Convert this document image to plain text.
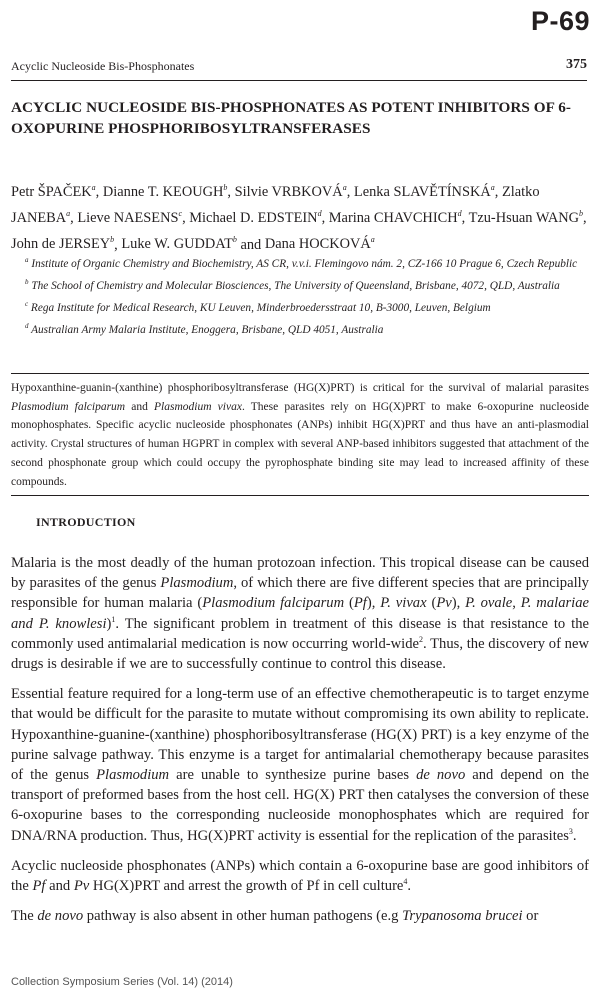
P-69
Acyclic Nucleoside Bis-Phosphonates	375
ACYCLIC NUCLEOSIDE BIS-PHOSPHONATES AS POTENT INHIBITORS OF 6-OXOPURINE PHOSPHORIBOSYLTRANSFERASES

Petr ŠPAČEK$^a$, Dianne T. KEOUGH$^b$, Silvie VRBKOVÁ$^a$, Lenka SLAVĚTÍNSKÁ$^a$, Zlatko JANEBA$^a$, Lieve NAESENS$^c$, Michael D. EDSTEIN$^d$, Marina CHAVCHICH$^d$, Tzu-Hsuan WANG$^b$, John de JERSEY$^b$, Luke W. GUDDAT$^b$ and Dana HOCKOVÁ$^a$

$^a$ Institute of Organic Chemistry and Biochemistry, AS CR, v.v.i. Flemingovo nám. 2, CZ-166 10 Prague 6, Czech Republic
$^b$ The School of Chemistry and Molecular Biosciences, The University of Queensland, Brisbane, 4072, QLD, Australia
$^c$ Rega Institute for Medical Research, KU Leuven, Minderbroedersstraat 10, B-3000, Leuven, Belgium
$^d$ Australian Army Malaria Institute, Enoggera, Brisbane, QLD 4051, Australia

Hypoxanthine-guanin-(xanthine) phosphoribosyltransferase (HG(X)PRT) is critical for the survival of malarial parasites Plasmodium falciparum and Plasmodium vivax. These parasites rely on HG(X)PRT to make 6-oxopurine nucleoside monophosphates. Specific acyclic nucleoside phosphonates (ANPs) inhibit HG(X)PRT and thus have an anti-plasmodial activity. Crystal structures of human HGPRT in complex with several ANP-based inhibitors suggested that attachment of the second phosphonate group which could occupy the pyrophosphate binding site may lead to increased affinity of these compounds.

INTRODUCTION

Malaria is the most deadly of the human protozoan infection. This tropical disease can be caused by parasites of the genus Plasmodium, of which there are five different species that are principally responsible for human malaria (Plasmodium falciparum (Pf), P. vivax (Pv), P. ovale, P. malariae and P. knowlesi)$^1$. The significant problem in treatment of this disease is that resistance to the commonly used antimalarial medication is now occurring world-wide$^2$. Thus, the discovery of new drugs is desirable if we are to successfully continue to control this disease.

Essential feature required for a long-term use of an effective chemotherapeutic is to target enzyme that would be difficult for the parasite to mutate without compromising its own ability to replicate. Hypoxanthine-guanine-(xanthine) phosphoribosyltransferase (HG(X) PRT) is a key enzyme of the purine salvage pathway. This enzyme is a target for antimalarial chemotherapy because parasites of the genus Plasmodium are unable to synthesize purine bases de novo and depend on the transport of preformed bases from the host cell. HG(X) PRT then catalyses the conversion of these 6-oxopurine bases to the corresponding nucleoside monophosphates which are required for DNA/RNA production. Thus, HG(X)PRT activity is essential for the replication of the parasites$^3$.

Acyclic nucleoside phosphonates (ANPs) which contain a 6-oxopurine base are good inhibitors of the Pf and Pv HG(X)PRT and arrest the growth of Pf in cell culture$^4$.

The de novo pathway is also absent in other human pathogens (e.g Trypanosoma brucei or

Collection Symposium Series (Vol. 14) (2014)
